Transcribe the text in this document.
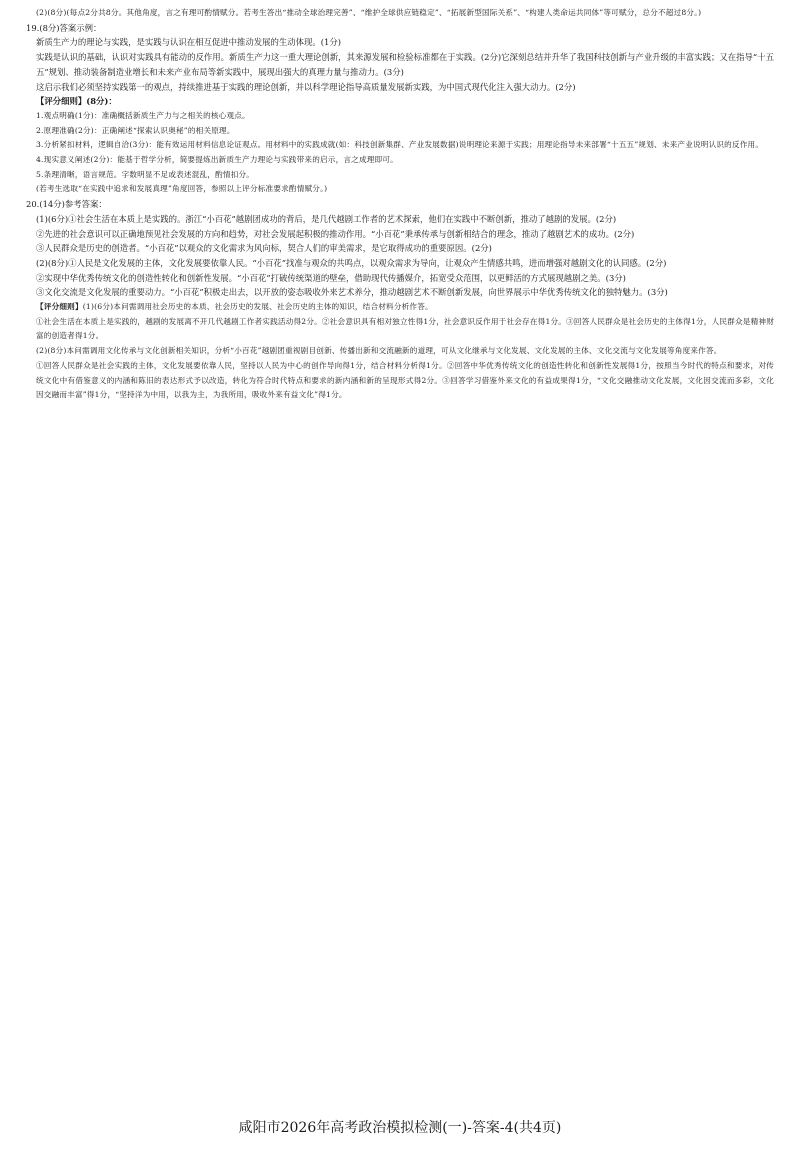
(2)(8分)(每点2分共8分。其他角度，言之有理可酌情赋分。若考生答出“推动全球治理完善”、“维护全球供应链稳定”、“拓展新型国际关系”、“构建人类命运共同体”等可赋分，总分不超过8分。)

19.(8分)答案示例：

新质生产力的理论与实践，是实践与认识在相互促进中推动发展的生动体现。(1分)

实践是认识的基础，认识对实践具有能动的反作用。新质生产力这一重大理论创新，其来源发展和检验标准都在于实践。(2分)它深刻总结并升华了我国科技创新与产业升级的丰富实践；又在指导“十五五”规划、推动装备制造业增长和未来产业布局等新实践中，展现出强大的真理力量与推动力。(3分)

这启示我们必须坚持实践第一的观点，持续推进基于实践的理论创新，并以科学理论指导高质量发展新实践，为中国式现代化注入强大动力。(2分)

【评分细则】(8分)：

1.观点明确(1分)：准确概括新质生产力与之相关的核心观点。

2.原理准确(2分)：正确阐述“探索认识奥秘”的相关原理。

3.分析紧扣材料，逻辑自洽(3分)：能有效运用材料信息论证观点。用材料中的实践成就(如：科技创新集群、产业发展数据)说明理论来源于实践；用理论指导未来部署“十五五”规划、未来产业说明认识的反作用。

4.现实意义阐述(2分)：能基于哲学分析，简要提炼出新质生产力理论与实践带来的启示，言之成理即可。

5.条理清晰，语言规范。字数明显不足或表述混乱，酌情扣分。

(若考生选取“在实践中追求和发展真理”角度回答，参照以上评分标准要求酌情赋分。)

20.(14分)参考答案：

(1)(6分)①社会生活在本质上是实践的。浙江“小百花”越剧团成功的背后，是几代越剧工作者的艺术探索，他们在实践中不断创新，推动了越剧的发展。(2分)

②先进的社会意识可以正确地预见社会发展的方向和趋势，对社会发展起积极的推动作用。“小百花”秉承传承与创新相结合的理念，推动了越剧艺术的成功。(2分)

③人民群众是历史的创造者。“小百花”以观众的文化需求为风向标，契合人们的审美需求，是它取得成功的重要原因。(2分)

(2)(8分)①人民是文化发展的主体，文化发展要依靠人民。“小百花”找准与观众的共鸣点，以观众需求为导向，让观众产生情感共鸣，进而增强对越剧文化的认同感。(2分)

②实现中华优秀传统文化的创造性转化和创新性发展。“小百花”打破传统渠道的壁垒，借助现代传播媒介，拓宽受众范围，以更鲜活的方式展现越剧之美。(3分)

③文化交流是文化发展的重要动力。“小百花”积极走出去，以开放的姿态吸收外来艺术养分，推动越剧艺术不断创新发展，向世界展示中华优秀传统文化的独特魅力。(3分)

【评分细则】(1)(6分)本问需调用社会历史的本质、社会历史的发展、社会历史的主体的知识，结合材料分析作答。

①社会生活在本质上是实践的，越剧的发展离不开几代越剧工作者实践活动得2分。②社会意识具有相对独立性得1分，社会意识反作用于社会存在得1分。③回答人民群众是社会历史的主体得1分，人民群众是精神财富的创造者得1分。

(2)(8分)本问需调用文化传承与文化创新相关知识，分析“小百花”越剧团重视剧目创新、传播出新和交流融新的道理，可从文化继承与文化发展、文化发展的主体、文化交流与文化发展等角度来作答。

①回答人民群众是社会实践的主体，文化发展要依靠人民，坚持以人民为中心的创作导向得1分，结合材料分析得1分。②回答中华优秀传统文化的创造性转化和创新性发展得1分，按照当今时代的特点和要求，对传统文化中有借鉴意义的内涵和陈旧的表达形式予以改造，转化为符合时代特点和要求的新内涵和新的呈现形式得2分。③回答学习借鉴外来文化的有益成果得1分，“文化交融推动文化发展，文化因交流而多彩，文化因交融而丰富”得1分，“坚持洋为中用，以我为主，为我所用，吸收外来有益文化”得1分。

咸阳市2026年高考政治模拟检测(一)-答案-4(共4页)
